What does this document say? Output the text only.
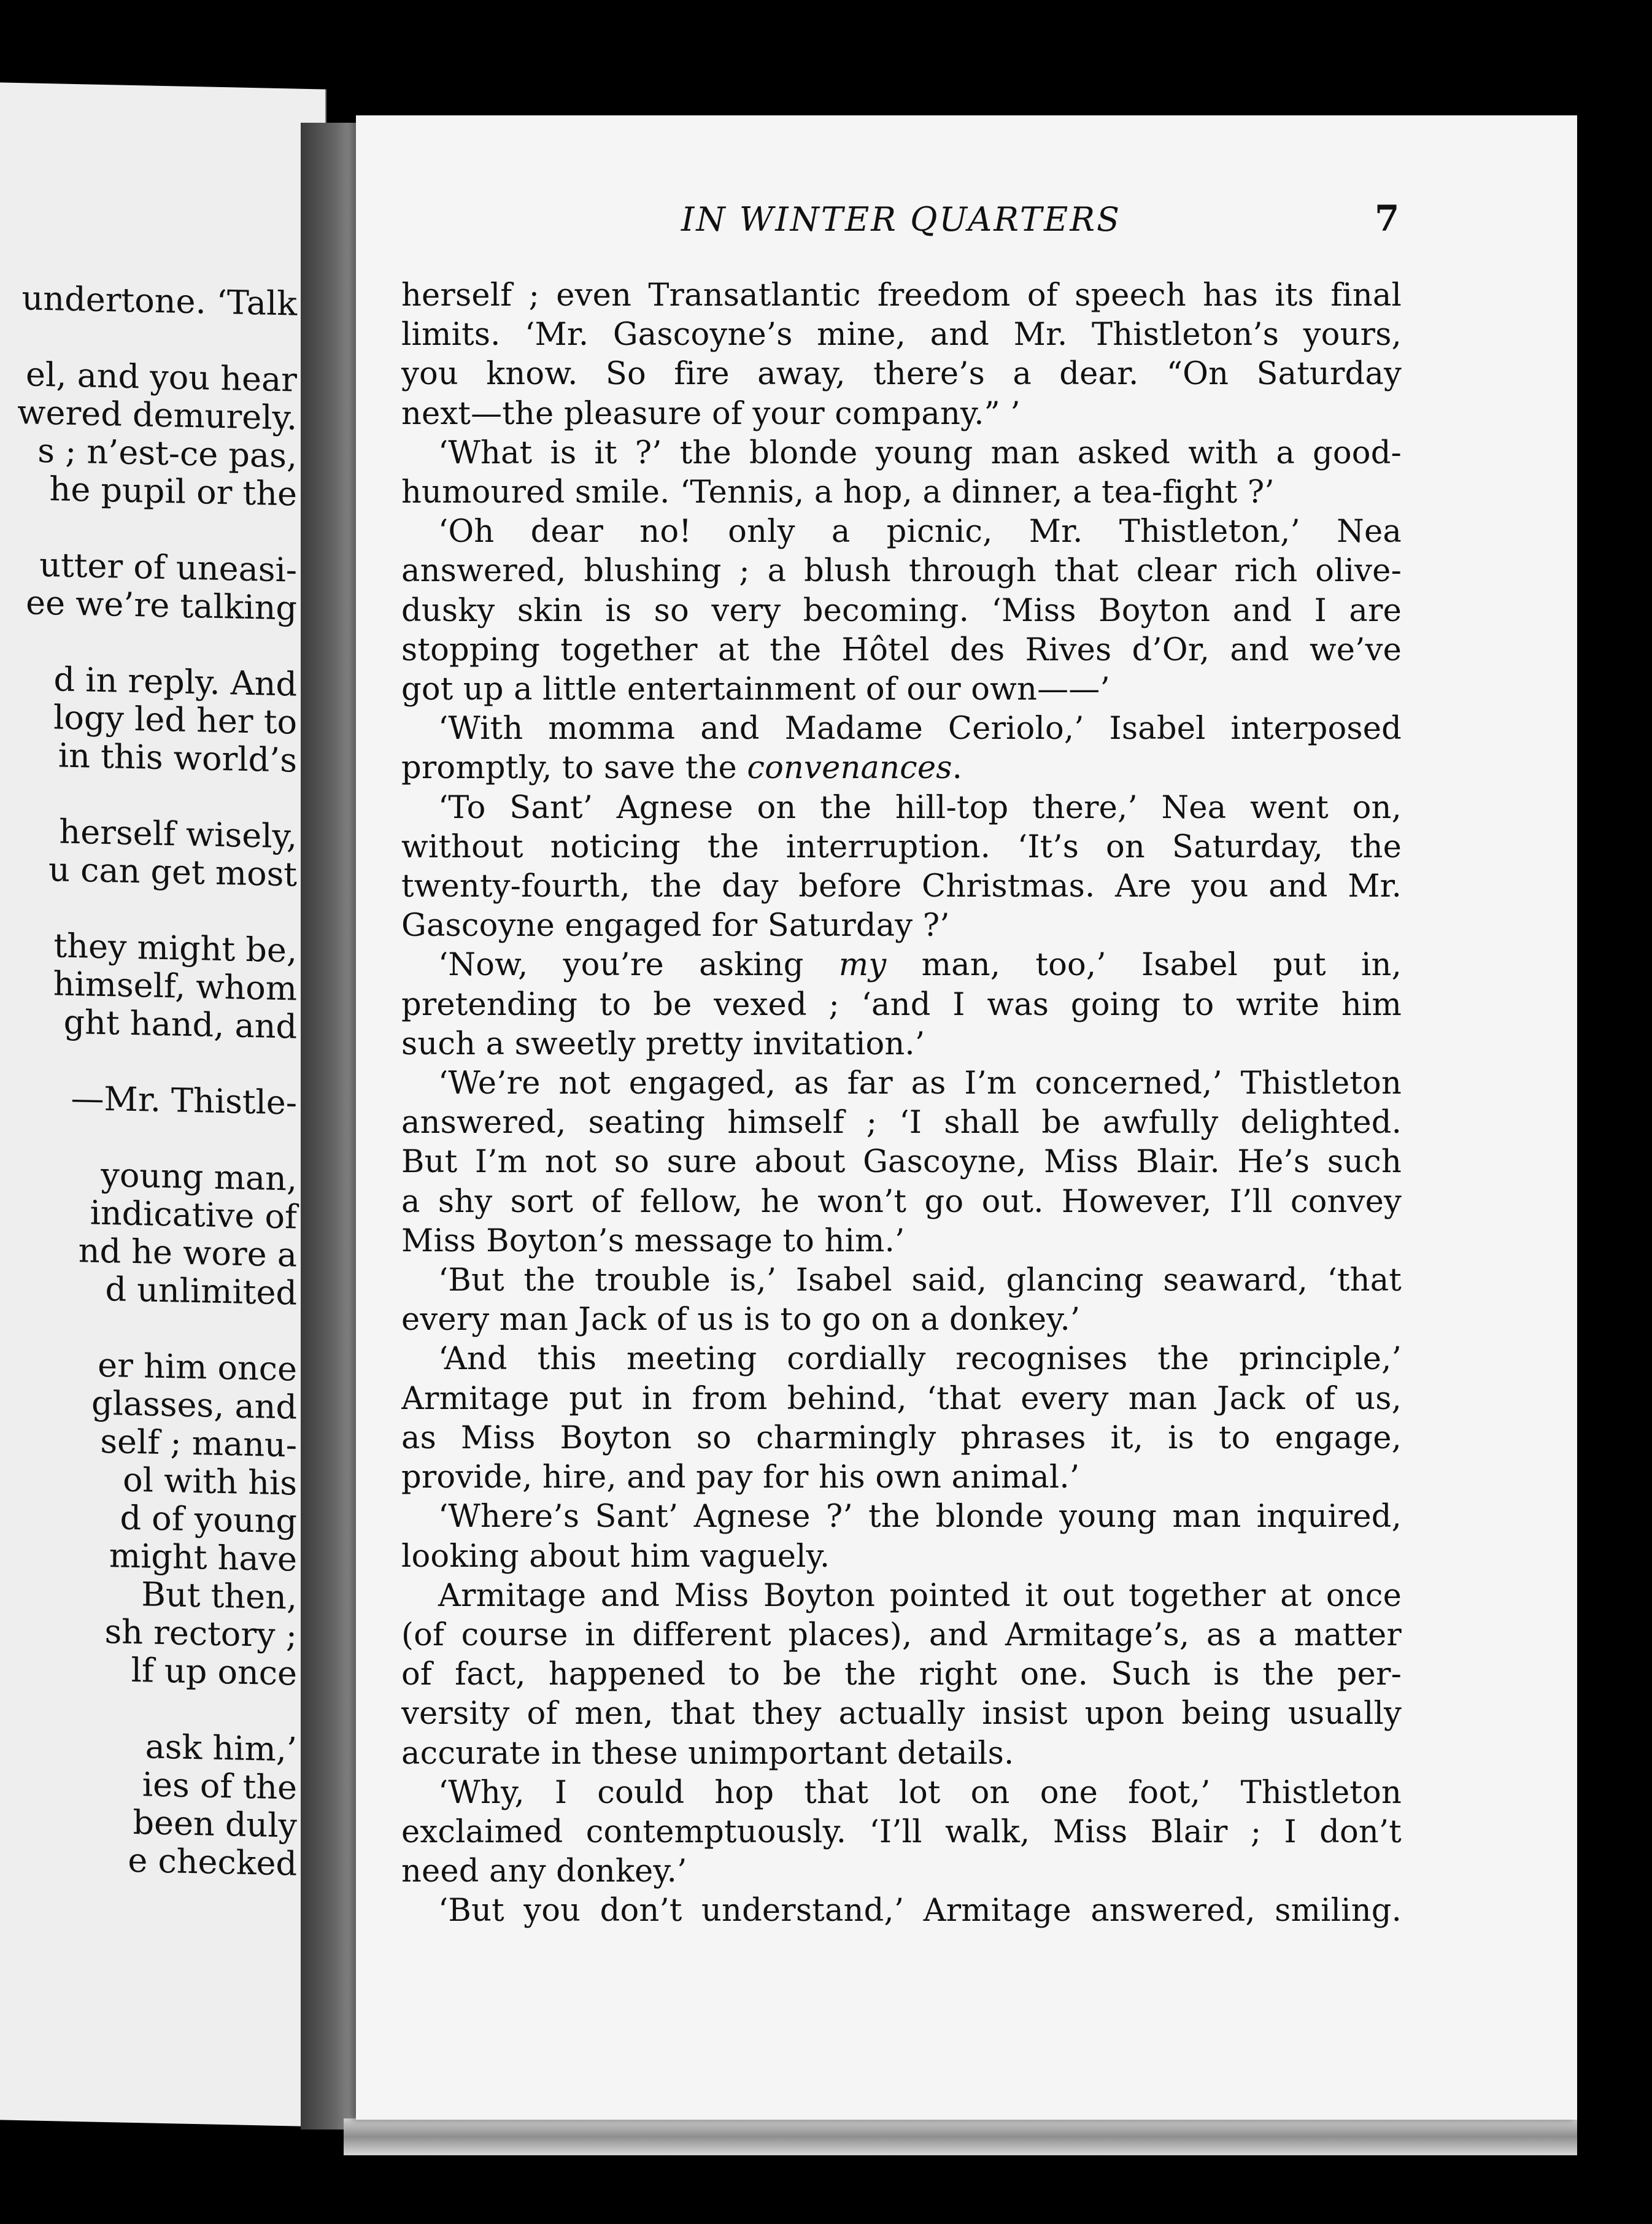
undertone. ‘Talk

el, and you hear
wered demurely.
s ; n’est-ce pas,
he pupil or the

utter of uneasi-
ee we’re talking

d in reply. And
logy led her to
in this world’s

herself wisely,
u can get most

they might be,
himself, whom
ght hand, and

—Mr. Thistle-

young man,
indicative of
nd he wore a
d unlimited

er him once
glasses, and
self ; manu-
ol with his
d of young
might have
But then,
sh rectory ;
lf up once

ask him,’
ies of the
been duly
e checked
IN WINTER QUARTERS	7
herself ; even Transatlantic freedom of speech has its final
limits. ‘Mr. Gascoyne’s mine, and Mr. Thistleton’s yours,
you know. So fire away, there’s a dear. “On Saturday
next—the pleasure of your company.” ’
‘What is it ?’ the blonde young man asked with a good-
humoured smile. ‘Tennis, a hop, a dinner, a tea-fight ?’
‘Oh dear no! only a picnic, Mr. Thistleton,’ Nea
answered, blushing ; a blush through that clear rich olive-
dusky skin is so very becoming. ‘Miss Boyton and I are
stopping together at the Hôtel des Rives d’Or, and we’ve
got up a little entertainment of our own——’
‘With momma and Madame Ceriolo,’ Isabel interposed
promptly, to save the convenances.
‘To Sant’ Agnese on the hill-top there,’ Nea went on,
without noticing the interruption. ‘It’s on Saturday, the
twenty-fourth, the day before Christmas. Are you and Mr.
Gascoyne engaged for Saturday ?’
‘Now, you’re asking my man, too,’ Isabel put in,
pretending to be vexed ; ‘and I was going to write him
such a sweetly pretty invitation.’
‘We’re not engaged, as far as I’m concerned,’ Thistleton
answered, seating himself ; ‘I shall be awfully delighted.
But I’m not so sure about Gascoyne, Miss Blair. He’s such
a shy sort of fellow, he won’t go out. However, I’ll convey
Miss Boyton’s message to him.’
‘But the trouble is,’ Isabel said, glancing seaward, ‘that
every man Jack of us is to go on a donkey.’
‘And this meeting cordially recognises the principle,’
Armitage put in from behind, ‘that every man Jack of us,
as Miss Boyton so charmingly phrases it, is to engage,
provide, hire, and pay for his own animal.’
‘Where’s Sant’ Agnese ?’ the blonde young man inquired,
looking about him vaguely.
Armitage and Miss Boyton pointed it out together at once
(of course in different places), and Armitage’s, as a matter
of fact, happened to be the right one. Such is the per-
versity of men, that they actually insist upon being usually
accurate in these unimportant details.
‘Why, I could hop that lot on one foot,’ Thistleton
exclaimed contemptuously. ‘I’ll walk, Miss Blair ; I don’t
need any donkey.’
‘But you don’t understand,’ Armitage answered, smiling.
